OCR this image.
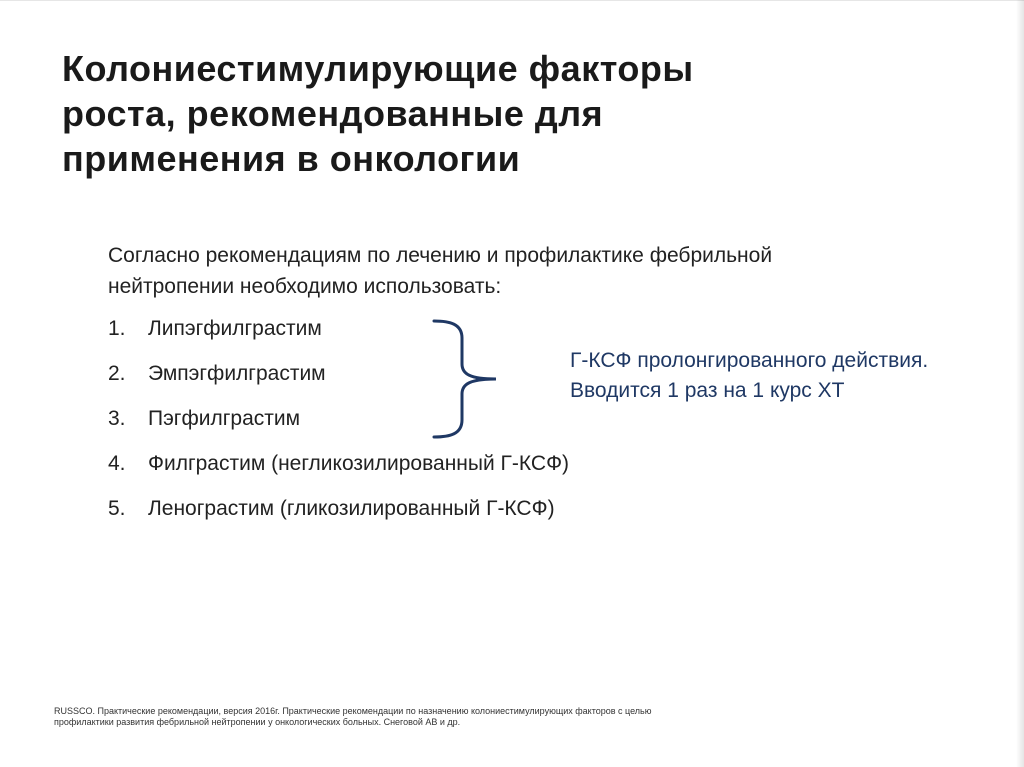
Колониестимулирующие факторы
роста, рекомендованные для
применения в онкологии
Согласно рекомендациям по лечению и профилактике фебрильной
нейтропении необходимо использовать:
1. Липэгфилграстим
2. Эмпэгфилграстим
3. Пэгфилграстим
4. Филграстим (негликозилированный Г-КСФ)
5. Ленограстим (гликозилированный Г-КСФ)
Г-КСФ пролонгированного действия.
Вводится 1 раз на 1 курс ХТ
RUSSCO. Практические рекомендации, версия 2016г. Практические рекомендации по назначению колониестимулирующих факторов с целью
профилактики развития фебрильной нейтропении у онкологических больных. Снеговой АВ и др.
